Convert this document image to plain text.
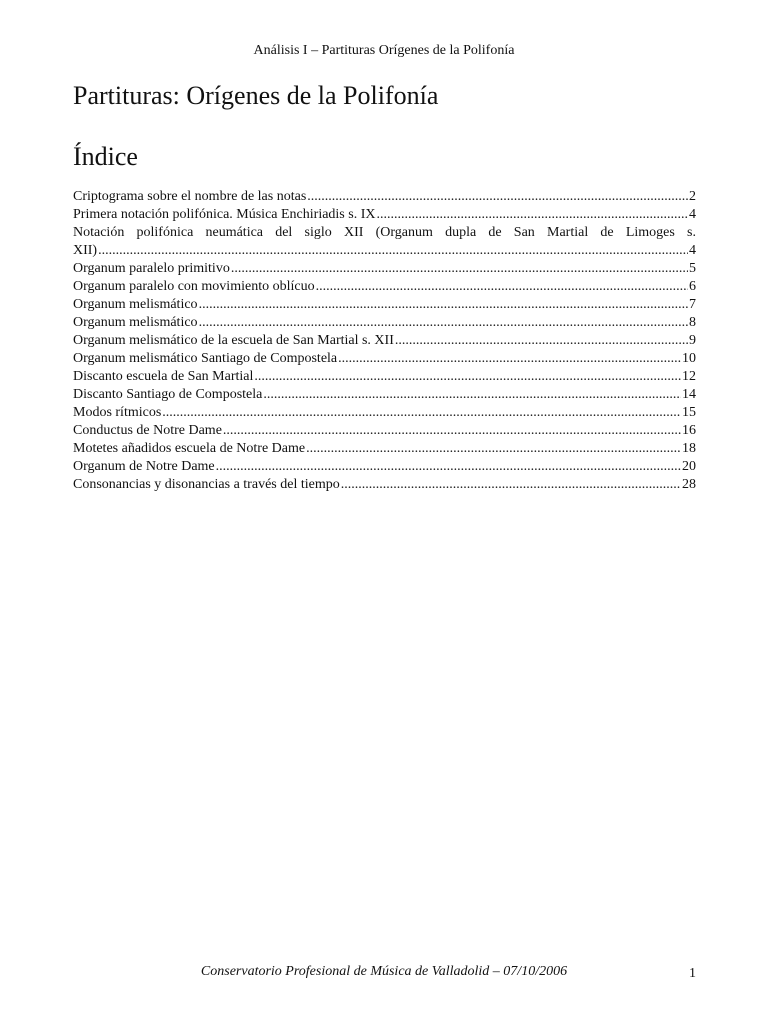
Análisis I – Partituras Orígenes de la Polifonía
Partituras: Orígenes de la Polifonía
Índice
Criptograma sobre el nombre de las notas .....	2
Primera notación polifónica. Música Enchiriadis s. IX .....	4
Notación polifónica neumática del siglo XII (Organum dupla de San Martial de Limoges s.
XII) .....	4
Organum paralelo primitivo .....	5
Organum paralelo con movimiento oblícuo .....	6
Organum melismático .....	7
Organum melismático .....	8
Organum melismático de la escuela de San Martial s. XII .....	9
Organum melismático Santiago de Compostela .....	10
Discanto escuela de San Martial .....	12
Discanto Santiago de Compostela .....	14
Modos rítmicos .....	15
Conductus de Notre Dame .....	16
Motetes añadidos escuela de Notre Dame .....	18
Organum de Notre Dame .....	20
Consonancias y disonancias a través del tiempo .....	28
Conservatorio Profesional de Música de Valladolid – 07/10/2006	1
